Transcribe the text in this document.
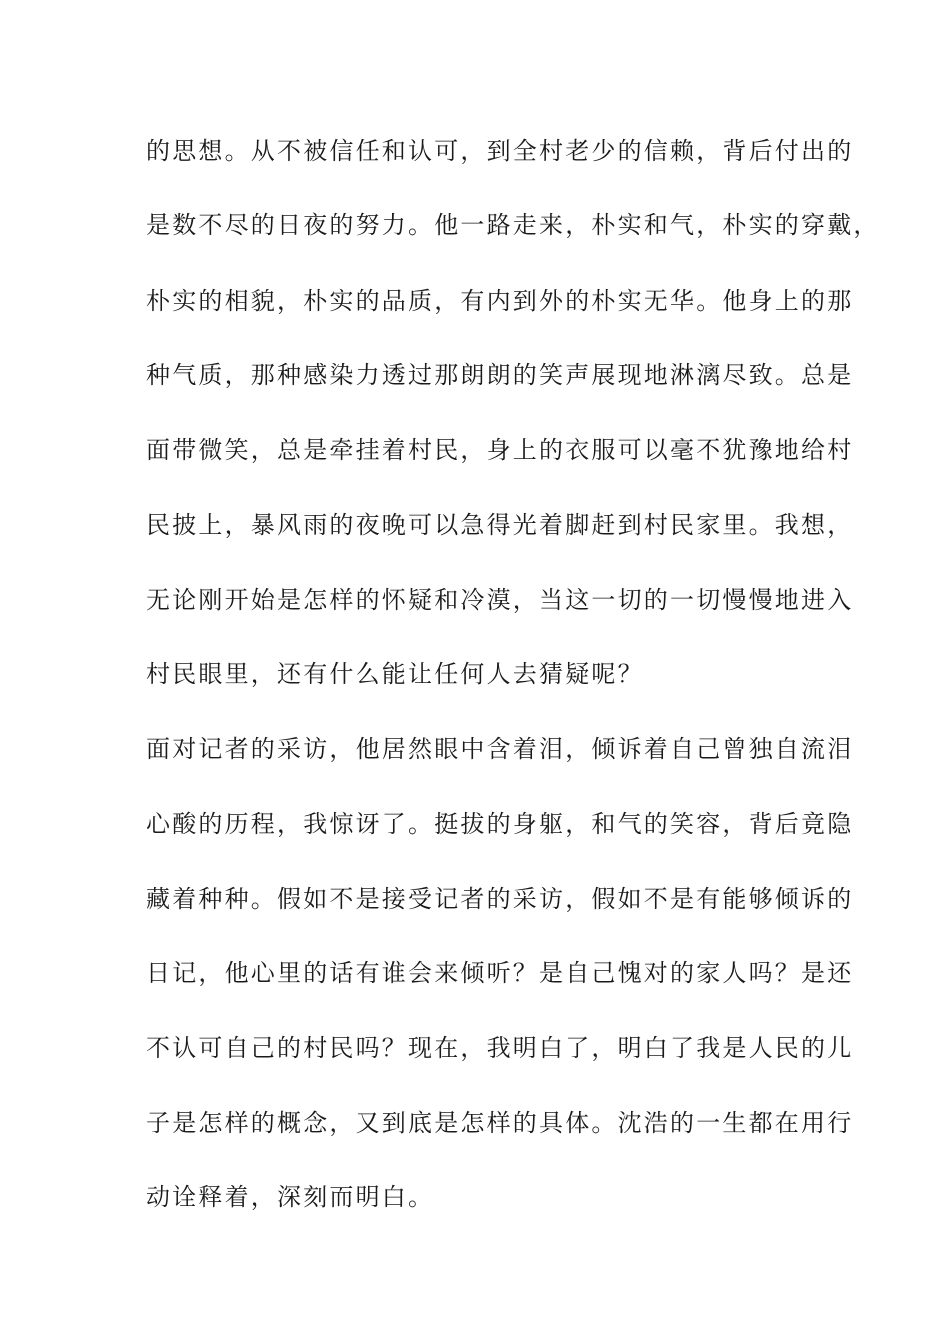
的思想。从不被信任和认可，到全村老少的信赖，背后付出的
是数不尽的日夜的努力。他一路走来，朴实和气，朴实的穿戴，
朴实的相貌，朴实的品质，有内到外的朴实无华。他身上的那
种气质，那种感染力透过那朗朗的笑声展现地淋漓尽致。总是
面带微笑，总是牵挂着村民，身上的衣服可以毫不犹豫地给村
民披上，暴风雨的夜晚可以急得光着脚赶到村民家里。我想，
无论刚开始是怎样的怀疑和冷漠，当这一切的一切慢慢地进入
村民眼里，还有什么能让任何人去猜疑呢？
面对记者的采访，他居然眼中含着泪，倾诉着自己曾独自流泪
心酸的历程，我惊讶了。挺拔的身躯，和气的笑容，背后竟隐
藏着种种。假如不是接受记者的采访，假如不是有能够倾诉的
日记，他心里的话有谁会来倾听？是自己愧对的家人吗？是还
不认可自己的村民吗？现在，我明白了，明白了我是人民的儿
子是怎样的概念，又到底是怎样的具体。沈浩的一生都在用行
动诠释着，深刻而明白。
